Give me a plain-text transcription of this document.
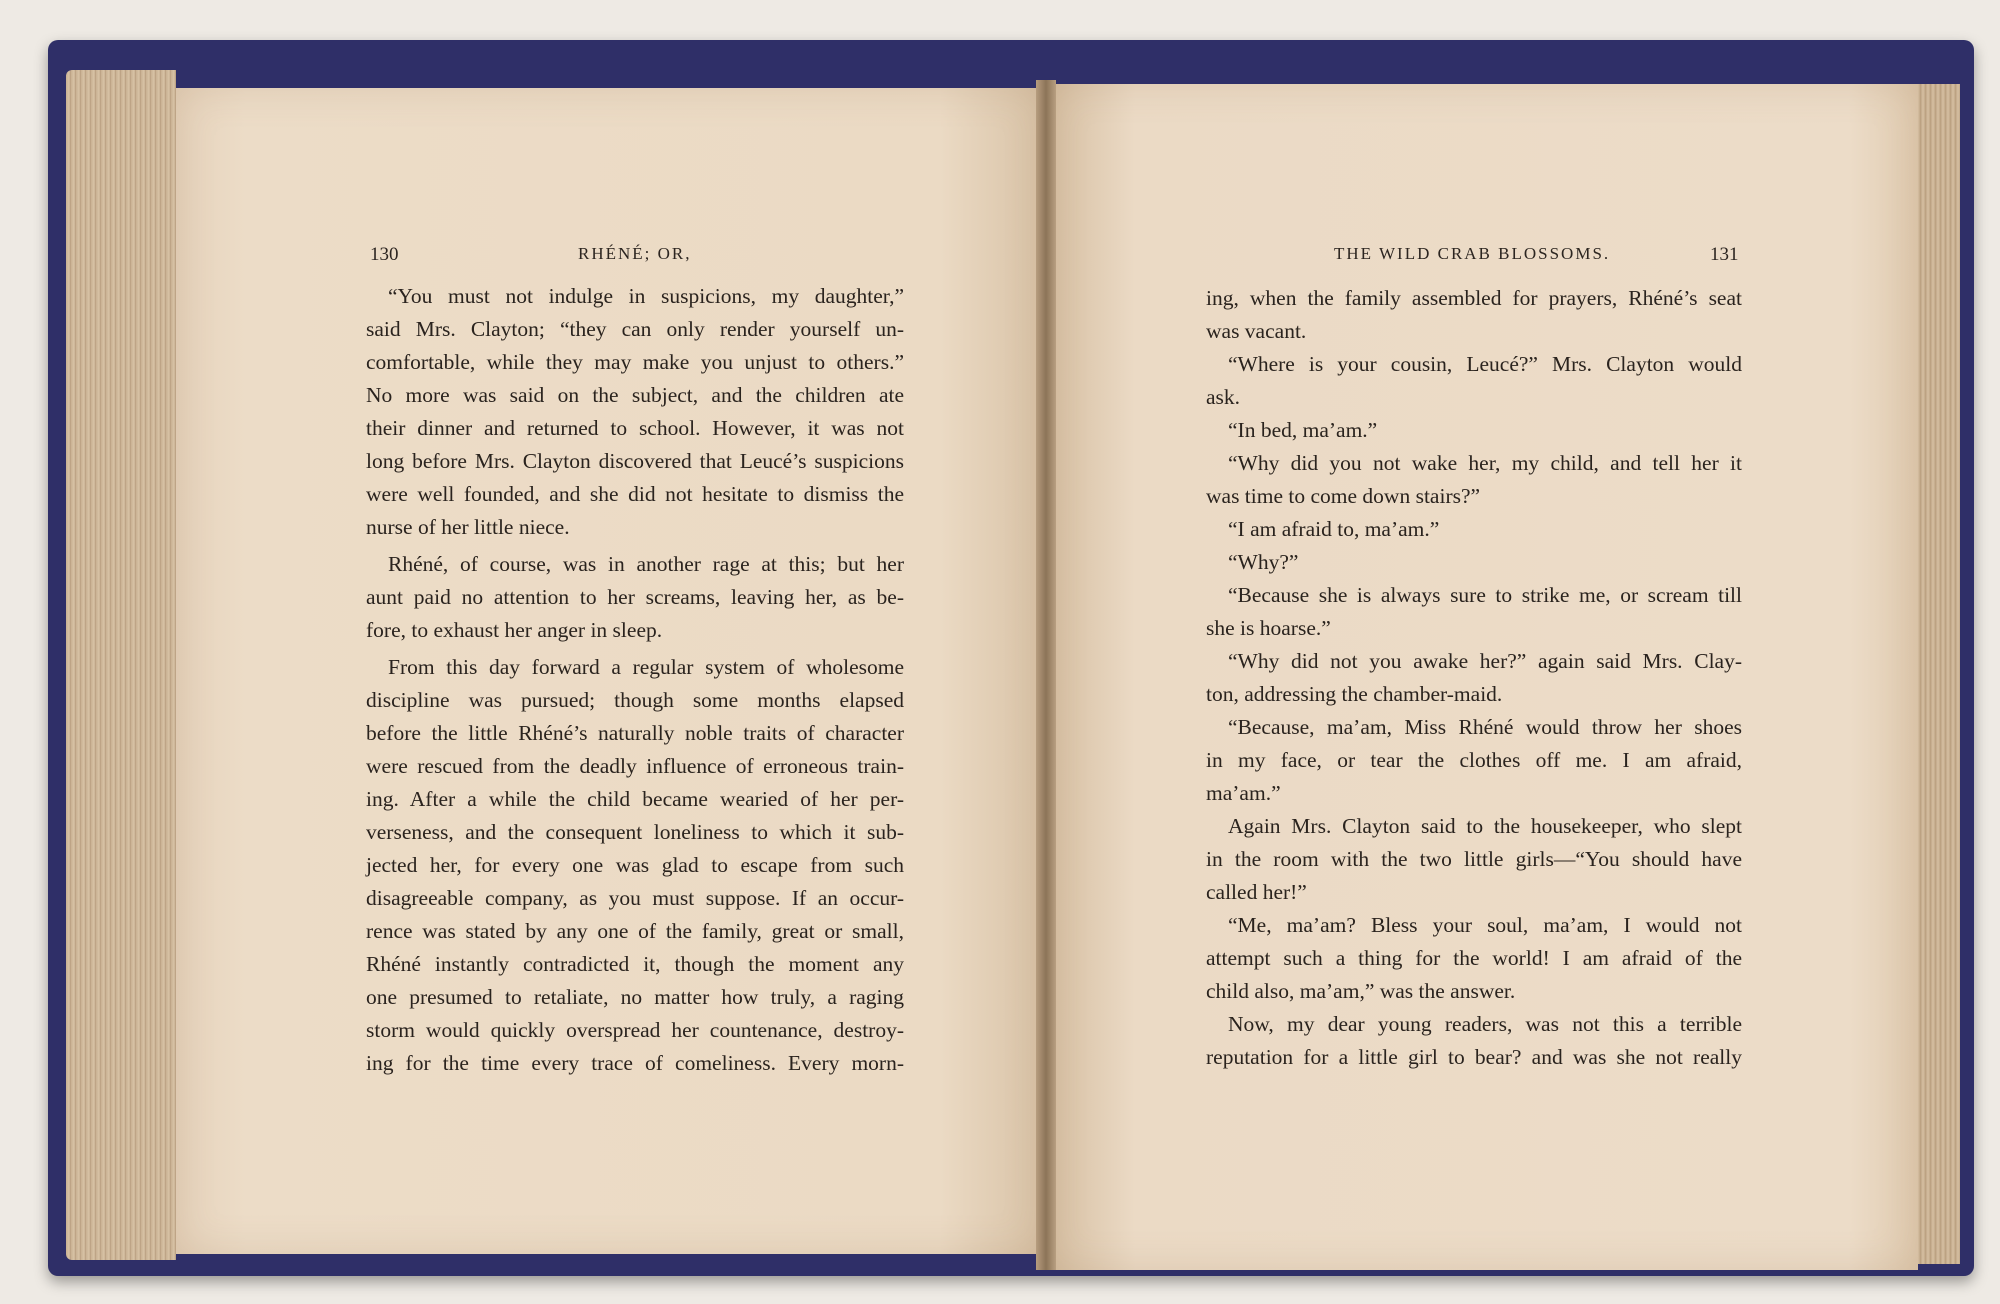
130	RHÉNÉ; OR,	THE WILD CRAB BLOSSOMS.	131

“You must not indulge in suspicions, my daughter,”

said Mrs. Clayton; “they can only render yourself un-

comfortable, while they may make you unjust to others.”

No more was said on the subject, and the children ate

their dinner and returned to school. However, it was not

long before Mrs. Clayton discovered that Leucé’s suspicions

were well founded, and she did not hesitate to dismiss the

nurse of her little niece.

Rhéné, of course, was in another rage at this; but her

aunt paid no attention to her screams, leaving her, as be-

fore, to exhaust her anger in sleep.

From this day forward a regular system of wholesome

discipline was pursued; though some months elapsed

before the little Rhéné’s naturally noble traits of character

were rescued from the deadly influence of erroneous train-

ing. After a while the child became wearied of her per-

verseness, and the consequent loneliness to which it sub-

jected her, for every one was glad to escape from such

disagreeable company, as you must suppose. If an occur-

rence was stated by any one of the family, great or small,

Rhéné instantly contradicted it, though the moment any

one presumed to retaliate, no matter how truly, a raging

storm would quickly overspread her countenance, destroy-

ing for the time every trace of comeliness. Every morn-

ing, when the family assembled for prayers, Rhéné’s seat

was vacant.

“Where is your cousin, Leucé?” Mrs. Clayton would

ask.

“In bed, ma’am.”

“Why did you not wake her, my child, and tell her it

was time to come down stairs?”

“I am afraid to, ma’am.”

“Why?”

“Because she is always sure to strike me, or scream till

she is hoarse.”

“Why did not you awake her?” again said Mrs. Clay-

ton, addressing the chamber-maid.

“Because, ma’am, Miss Rhéné would throw her shoes

in my face, or tear the clothes off me. I am afraid,

ma’am.”

Again Mrs. Clayton said to the housekeeper, who slept

in the room with the two little girls—“You should have

called her!”

“Me, ma’am? Bless your soul, ma’am, I would not

attempt such a thing for the world! I am afraid of the

child also, ma’am,” was the answer.

Now, my dear young readers, was not this a terrible

reputation for a little girl to bear? and was she not really
